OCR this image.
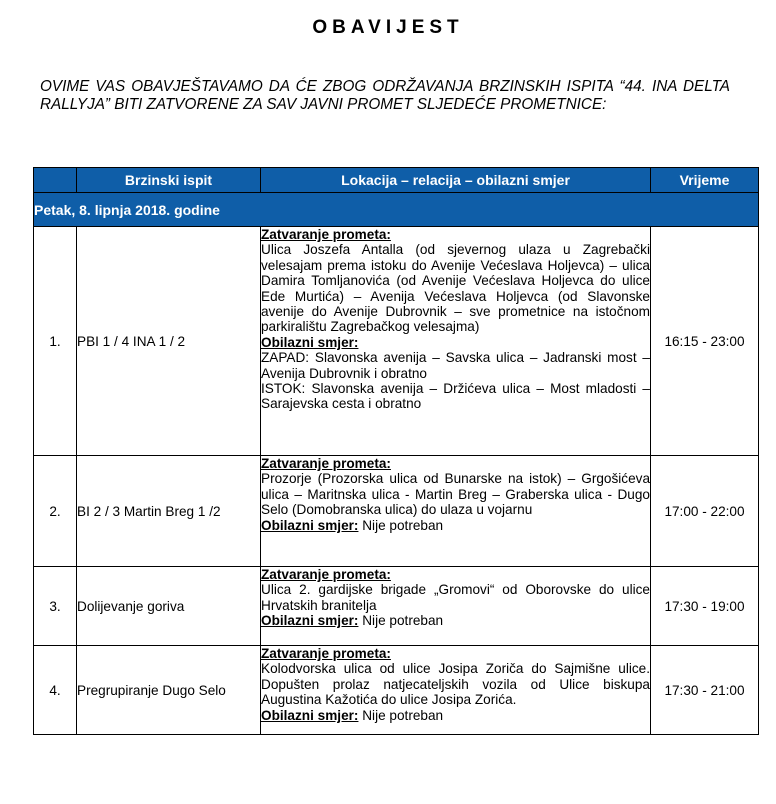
OBAVIJEST
OVIME VAS OBAVJEŠTAVAMO DA ĆE ZBOG ODRŽAVANJA BRZINSKIH ISPITA “44. INA DELTA RALLYJA” BITI ZATVORENE ZA SAV JAVNI PROMET SLJEDEĆE PROMETNICE:
	Brzinski ispit	Lokacija – relacija – obilazni smjer	Vrijeme
Petak, 8. lipnja 2018. godine			
1.	PBI 1 / 4 INA 1 / 2	Zatvaranje prometa:
Ulica Joszefa Antalla (od sjevernog ulaza u Zagrebački velesajam prema istoku do Avenije Većeslava Holjevca) – ulica Damira Tomljanovića (od Avenije Većeslava Holjevca do ulice Ede Murtića) – Avenija Većeslava Holjevca (od Slavonske avenije do Avenije Dubrovnik – sve prometnice na istočnom parkiralištu Zagrebačkog velesajma)
Obilazni smjer:
ZAPAD: Slavonska avenija – Savska ulica – Jadranski most – Avenija Dubrovnik i obratno
ISTOK: Slavonska avenija – Držićeva ulica – Most mladosti – Sarajevska cesta i obratno	16:15 - 23:00
2.	BI 2 / 3 Martin Breg 1 /2	Zatvaranje prometa:
Prozorje (Prozorska ulica od Bunarske na istok) – Grgošićeva ulica – Maritnska ulica - Martin Breg – Graberska ulica - Dugo Selo (Domobranska ulica) do ulaza u vojarnu
Obilazni smjer: Nije potreban	17:00 - 22:00
3.	Dolijevanje goriva	Zatvaranje prometa:
Ulica 2. gardijske brigade „Gromovi“ od Oborovske do ulice Hrvatskih branitelja
Obilazni smjer: Nije potreban	17:30 - 19:00
4.	Pregrupiranje Dugo Selo	Zatvaranje prometa:
Kolodvorska ulica od ulice Josipa Zoriča do Sajmišne ulice. Dopušten prolaz natjecateljskih vozila od Ulice biskupa Augustina Kažotića do ulice Josipa Zorića.
Obilazni smjer: Nije potreban	17:30 - 21:00
